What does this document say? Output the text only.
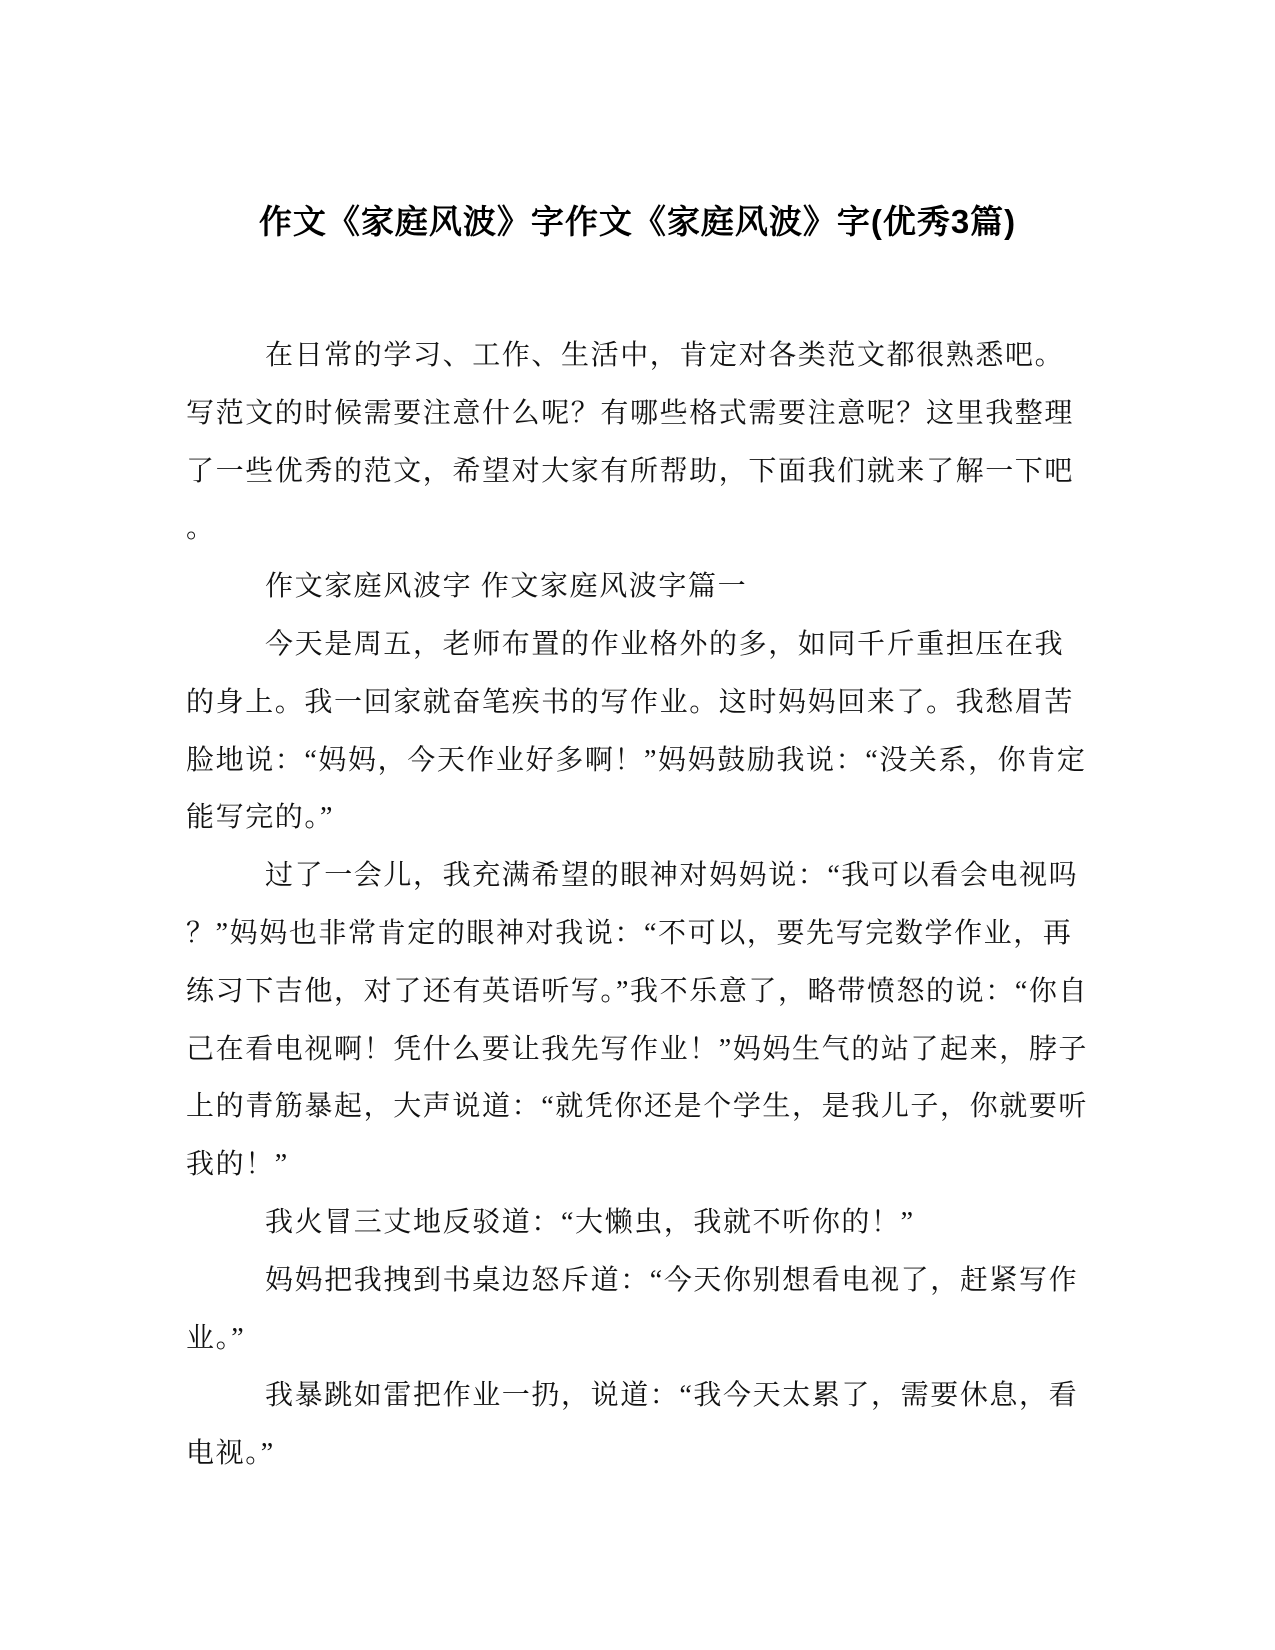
作文《家庭风波》字作文《家庭风波》字(优秀3篇)

在日常的学习、工作、生活中，肯定对各类范文都很熟悉吧。写范文的时候需要注意什么呢？有哪些格式需要注意呢？这里我整理了一些优秀的范文，希望对大家有所帮助，下面我们就来了解一下吧。

作文家庭风波字 作文家庭风波字篇一

今天是周五，老师布置的作业格外的多，如同千斤重担压在我的身上。我一回家就奋笔疾书的写作业。这时妈妈回来了。我愁眉苦脸地说：“妈妈，今天作业好多啊！”妈妈鼓励我说：“没关系，你肯定能写完的。”

过了一会儿，我充满希望的眼神对妈妈说：“我可以看会电视吗？”妈妈也非常肯定的眼神对我说：“不可以，要先写完数学作业，再练习下吉他，对了还有英语听写。”我不乐意了，略带愤怒的说：“你自己在看电视啊！凭什么要让我先写作业！”妈妈生气的站了起来，脖子上的青筋暴起，大声说道：“就凭你还是个学生，是我儿子，你就要听我的！”

我火冒三丈地反驳道：“大懒虫，我就不听你的！”

妈妈把我拽到书桌边怒斥道：“今天你别想看电视了，赶紧写作业。”

我暴跳如雷把作业一扔，说道：“我今天太累了，需要休息，看电视。”
